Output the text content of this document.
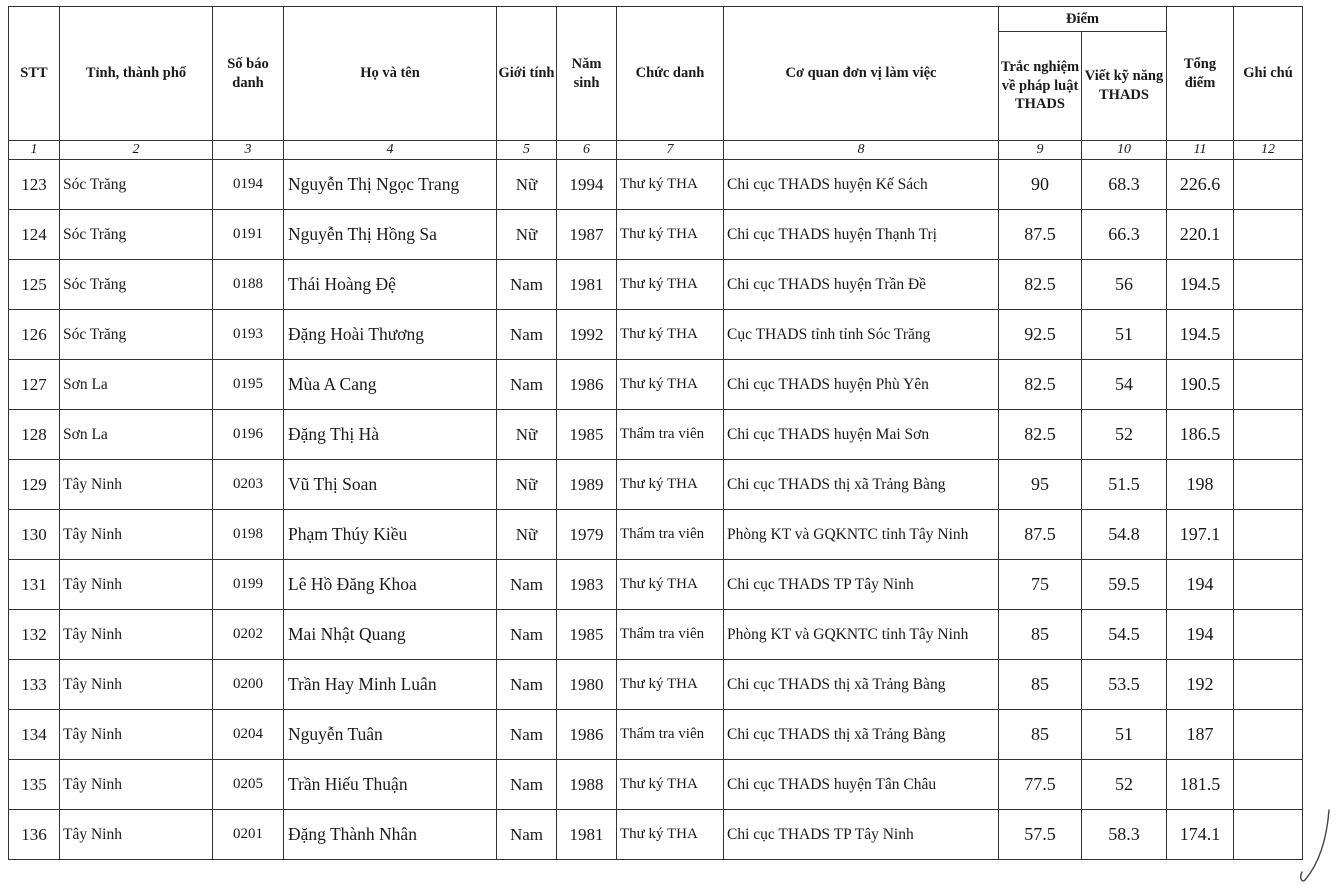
STT	Tỉnh, thành phố	Số báo danh	Họ và tên	Giới tính	Năm sinh	Chức danh	Cơ quan đơn vị làm việc	Điểm		Tổng điểm	Ghi chú
								Trắc nghiệm về pháp luật THADS	Viết kỹ năng THADS		
1	2	3	4	5	6	7	8	9	10	11	12
123	Sóc Trăng	0194	Nguyễn Thị Ngọc Trang	Nữ	1994	Thư ký THA	Chi cục THADS huyện Kế Sách	90	68.3	226.6	
124	Sóc Trăng	0191	Nguyễn Thị Hồng Sa	Nữ	1987	Thư ký THA	Chi cục THADS huyện Thạnh Trị	87.5	66.3	220.1	
125	Sóc Trăng	0188	Thái Hoàng Đệ	Nam	1981	Thư ký THA	Chi cục THADS huyện Trần Đề	82.5	56	194.5	
126	Sóc Trăng	0193	Đặng Hoài Thương	Nam	1992	Thư ký THA	Cục THADS tỉnh tỉnh Sóc Trăng	92.5	51	194.5	
127	Sơn La	0195	Mùa A Cang	Nam	1986	Thư ký THA	Chi cục THADS huyện Phù Yên	82.5	54	190.5	
128	Sơn La	0196	Đặng Thị Hà	Nữ	1985	Thẩm tra viên	Chi cục THADS huyện Mai Sơn	82.5	52	186.5	
129	Tây Ninh	0203	Vũ Thị Soan	Nữ	1989	Thư ký THA	Chi cục THADS thị xã Trảng Bàng	95	51.5	198	
130	Tây Ninh	0198	Phạm Thúy Kiều	Nữ	1979	Thẩm tra viên	Phòng KT và GQKNTC tỉnh Tây Ninh	87.5	54.8	197.1	
131	Tây Ninh	0199	Lê Hồ Đăng Khoa	Nam	1983	Thư ký THA	Chi cục THADS TP Tây Ninh	75	59.5	194	
132	Tây Ninh	0202	Mai Nhật Quang	Nam	1985	Thẩm tra viên	Phòng KT và GQKNTC tỉnh Tây Ninh	85	54.5	194	
133	Tây Ninh	0200	Trần Hay Minh Luân	Nam	1980	Thư ký THA	Chi cục THADS thị xã Trảng Bàng	85	53.5	192	
134	Tây Ninh	0204	Nguyễn Tuân	Nam	1986	Thẩm tra viên	Chi cục THADS thị xã Trảng Bàng	85	51	187	
135	Tây Ninh	0205	Trần Hiếu Thuận	Nam	1988	Thư ký THA	Chi cục THADS huyện Tân Châu	77.5	52	181.5	
136	Tây Ninh	0201	Đặng Thành Nhân	Nam	1981	Thư ký THA	Chi cục THADS TP Tây Ninh	57.5	58.3	174.1	
